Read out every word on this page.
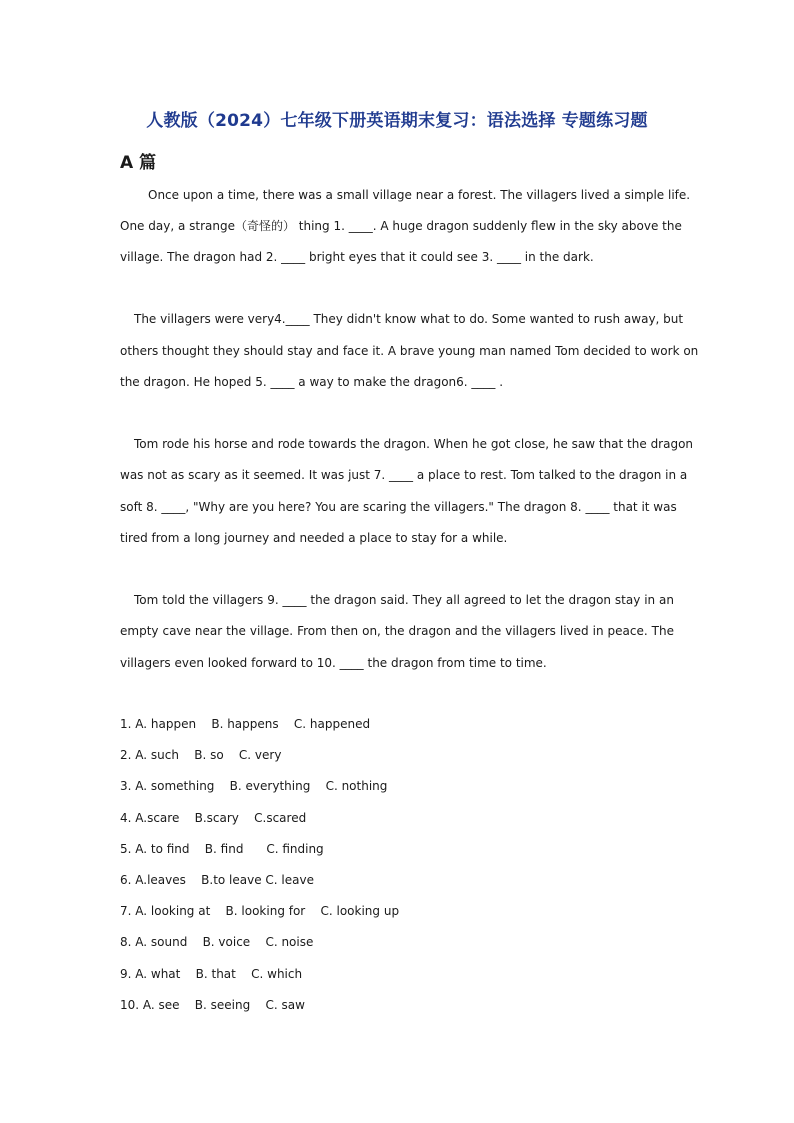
人教版（2024）七年级下册英语期末复习：语法选择 专题练习题
A 篇
Once upon a time, there was a small village near a forest. The villagers lived a simple life.
One day, a strange（奇怪的） thing 1. ____. A huge dragon suddenly flew in the sky above the
village. The dragon had 2. ____ bright eyes that it could see 3. ____ in the dark.
The villagers were very4.____ They didn't know what to do. Some wanted to rush away, but
others thought they should stay and face it. A brave young man named Tom decided to work on
the dragon. He hoped 5. ____ a way to make the dragon6. ____ .
Tom rode his horse and rode towards the dragon. When he got close, he saw that the dragon
was not as scary as it seemed. It was just 7. ____ a place to rest. Tom talked to the dragon in a
soft 8. ____, "Why are you here? You are scaring the villagers." The dragon 8. ____ that it was
tired from a long journey and needed a place to stay for a while.
Tom told the villagers 9. ____ the dragon said. They all agreed to let the dragon stay in an
empty cave near the village. From then on, the dragon and the villagers lived in peace. The
villagers even looked forward to 10. ____ the dragon from time to time.
1. A. happen    B. happens    C. happened
2. A. such    B. so    C. very
3. A. something    B. everything    C. nothing
4. A.scare    B.scary    C.scared
5. A. to find    B. find      C. finding
6. A.leaves    B.to leave C. leave
7. A. looking at    B. looking for    C. looking up
8. A. sound    B. voice    C. noise
9. A. what    B. that    C. which
10. A. see    B. seeing    C. saw
